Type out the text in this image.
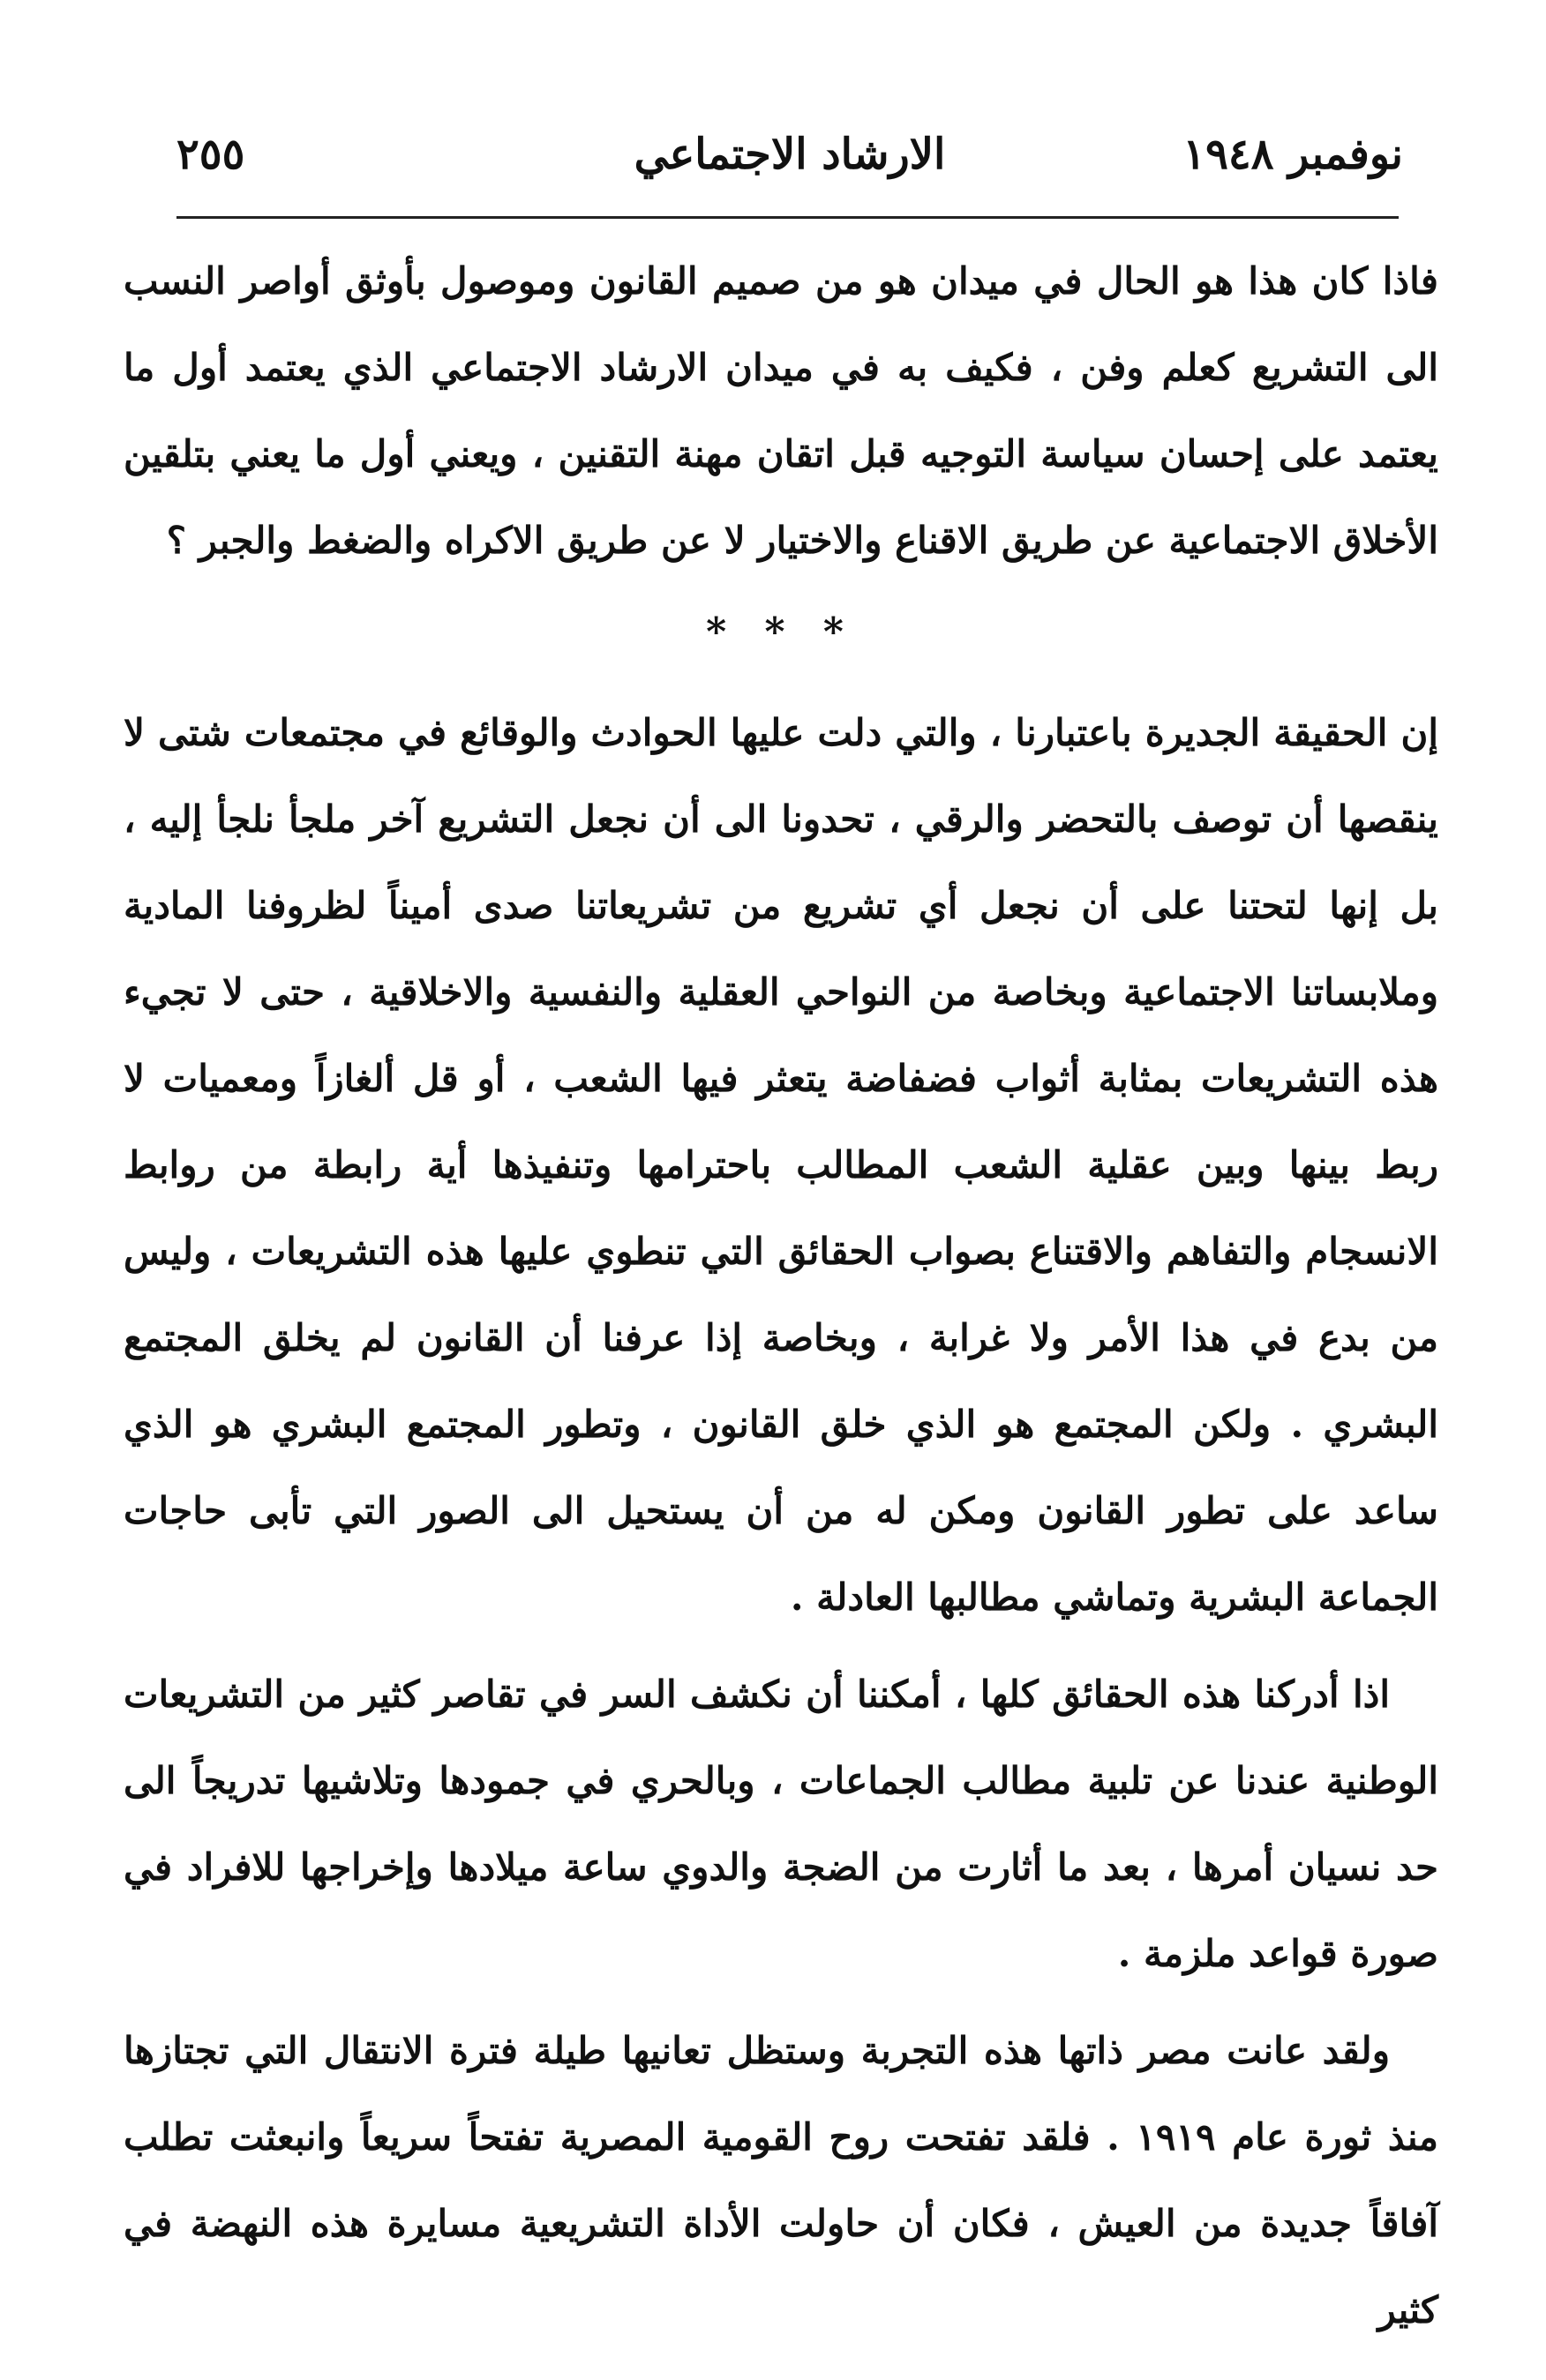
نوفمبر ١٩٤٨
الارشاد الاجتماعي
٢٥٥

فاذا كان هذا هو الحال في ميدان هو من صميم القانون وموصول بأوثق أواصر النسب الى التشريع كعلم وفن ، فكيف به في ميدان الارشاد الاجتماعي الذي يعتمد أول ما يعتمد على إحسان سياسة التوجيه قبل اتقان مهنة التقنين ، ويعني أول ما يعني بتلقين الأخلاق الاجتماعية عن طريق الاقناع والاختيار لا عن طريق الاكراه والضغط والجبر ؟

* * *

إن الحقيقة الجديرة باعتبارنا ، والتي دلت عليها الحوادث والوقائع في مجتمعات شتى لا ينقصها أن توصف بالتحضر والرقي ، تحدونا الى أن نجعل التشريع آخر ملجأ نلجأ إليه ، بل إنها لتحتنا على أن نجعل أي تشريع من تشريعاتنا صدى أميناً لظروفنا المادية وملابساتنا الاجتماعية وبخاصة من النواحي العقلية والنفسية والاخلاقية ، حتى لا تجيء هذه التشريعات بمثابة أثواب فضفاضة يتعثر فيها الشعب ، أو قل ألغازاً ومعميات لا ربط بينها وبين عقلية الشعب المطالب باحترامها وتنفيذها أية رابطة من روابط الانسجام والتفاهم والاقتناع بصواب الحقائق التي تنطوي عليها هذه التشريعات ، وليس من بدع في هذا الأمر ولا غرابة ، وبخاصة إذا عرفنا أن القانون لم يخلق المجتمع البشري . ولكن المجتمع هو الذي خلق القانون ، وتطور المجتمع البشري هو الذي ساعد على تطور القانون ومكن له من أن يستحيل الى الصور التي تأبى حاجات الجماعة البشرية وتماشي مطالبها العادلة .

اذا أدركنا هذه الحقائق كلها ، أمكننا أن نكشف السر في تقاصر كثير من التشريعات الوطنية عندنا عن تلبية مطالب الجماعات ، وبالحري في جمودها وتلاشيها تدريجاً الى حد نسيان أمرها ، بعد ما أثارت من الضجة والدوي ساعة ميلادها وإخراجها للافراد في صورة قواعد ملزمة .

ولقد عانت مصر ذاتها هذه التجربة وستظل تعانيها طيلة فترة الانتقال التي تجتازها منذ ثورة عام ١٩١٩ . فلقد تفتحت روح القومية المصرية تفتحاً سريعاً وانبعثت تطلب آفاقاً جديدة من العيش ، فكان أن حاولت الأداة التشريعية مسايرة هذه النهضة في كثير
